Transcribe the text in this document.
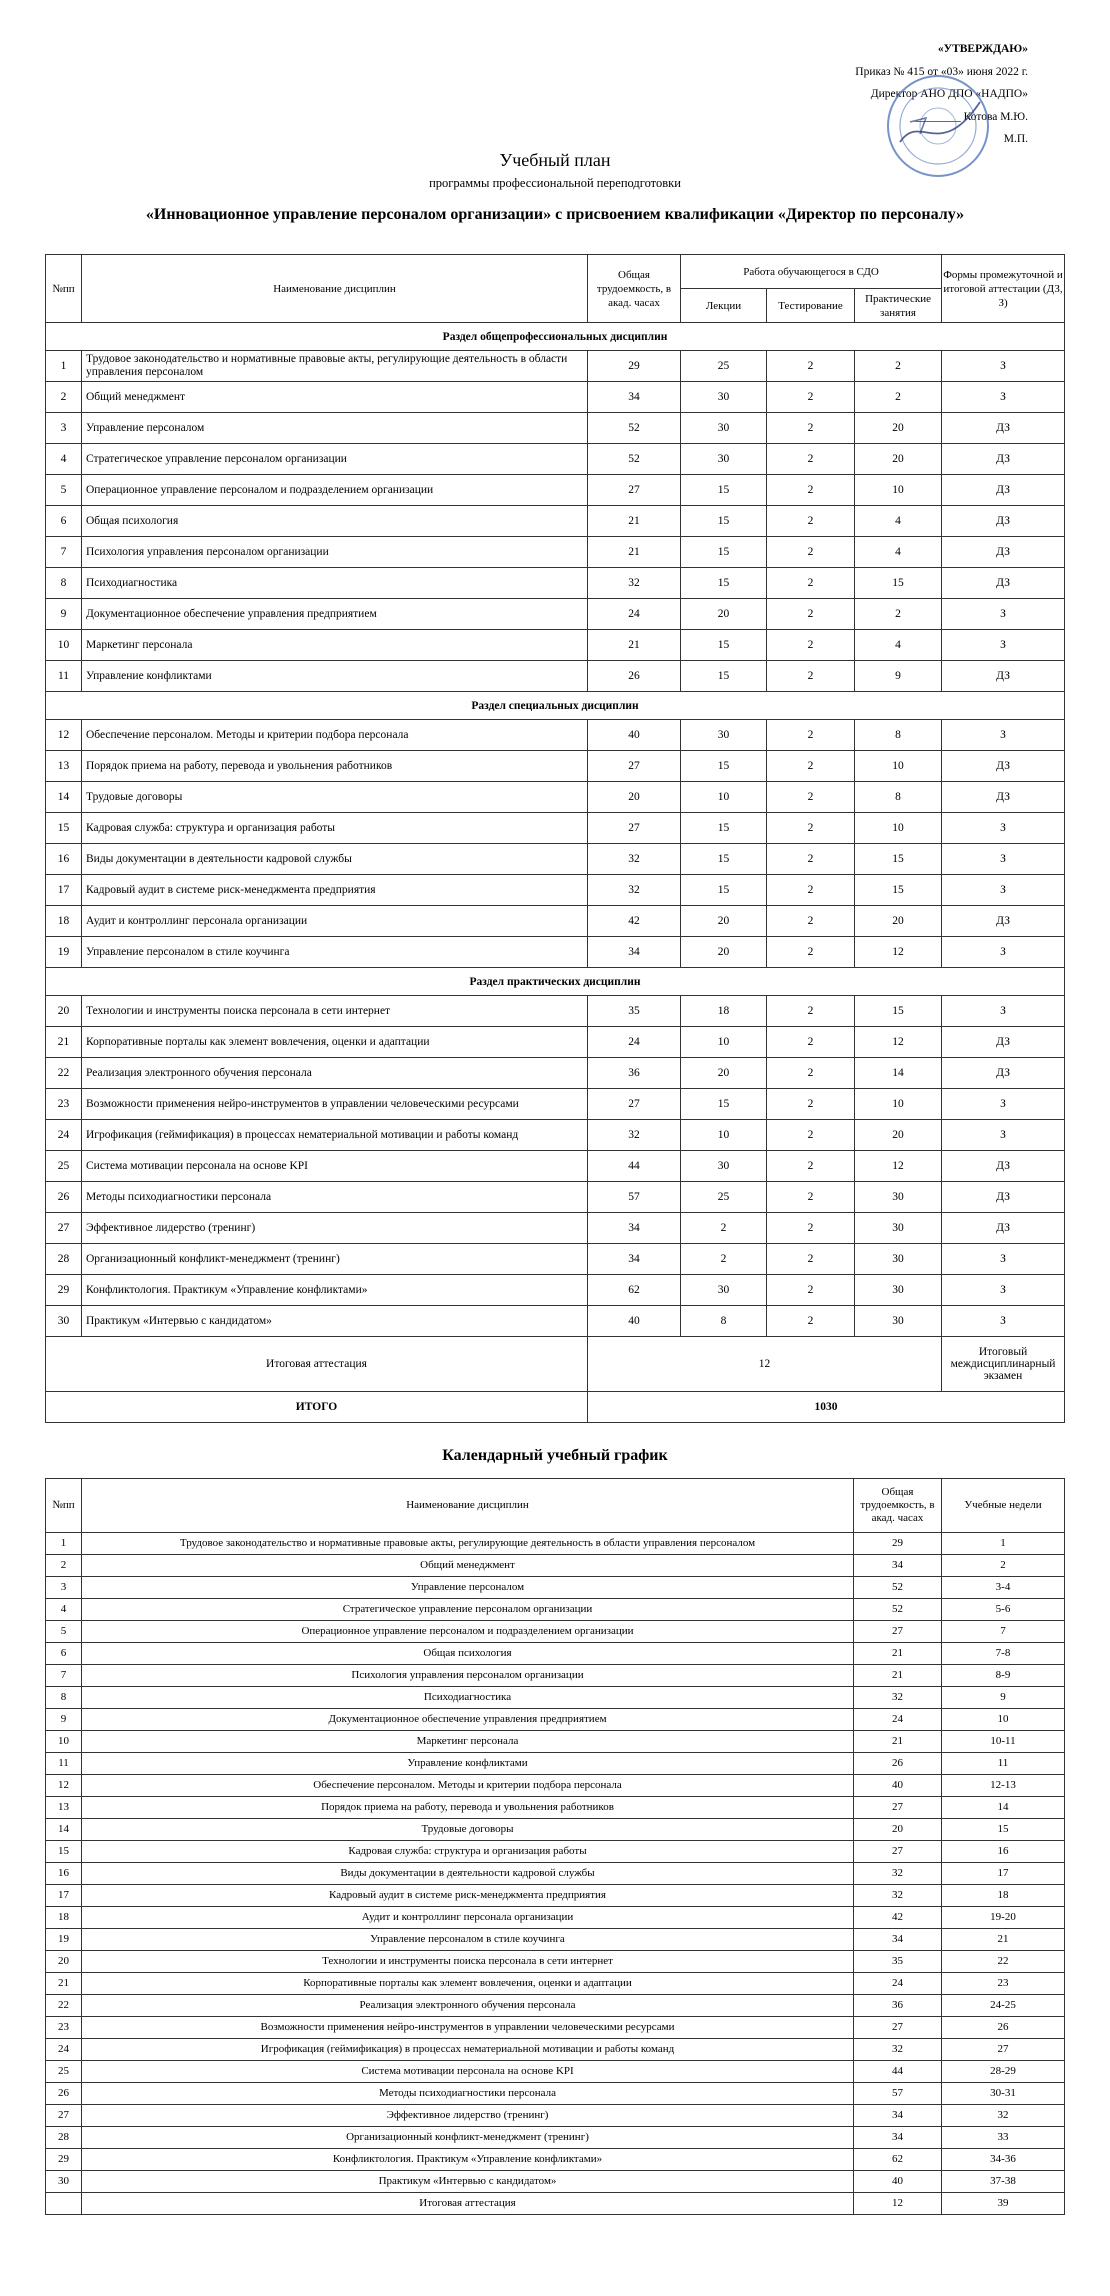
«УТВЕРЖДАЮ»
Приказ № 415 от «03» июня 2022 г.
Директор АНО ДПО «НАДПО»
________ Котова М.Ю.
М.П.
Учебный план
программы профессиональной переподготовки
«Инновационное управление персоналом организации» с присвоением квалификации «Директор по персоналу»
№пп	Наименование дисциплин	Общая трудоемкость, в акад. часах	Работа обучающегося в СДО			Формы промежуточной и итоговой аттестации (ДЗ, З)
			Лекции	Тестирование	Практические занятия	
Раздел общепрофессиональных дисциплин						
1	Трудовое законодательство и нормативные правовые акты, регулирующие деятельность в области управления персоналом	29	25	2	2	З
2	Общий менеджмент	34	30	2	2	З
3	Управление персоналом	52	30	2	20	ДЗ
4	Стратегическое управление персоналом организации	52	30	2	20	ДЗ
5	Операционное управление персоналом и подразделением организации	27	15	2	10	ДЗ
6	Общая психология	21	15	2	4	ДЗ
7	Психология управления персоналом организации	21	15	2	4	ДЗ
8	Психодиагностика	32	15	2	15	ДЗ
9	Документационное обеспечение управления предприятием	24	20	2	2	З
10	Маркетинг персонала	21	15	2	4	З
11	Управление конфликтами	26	15	2	9	ДЗ
Раздел специальных дисциплин						
12	Обеспечение персоналом. Методы и критерии подбора персонала	40	30	2	8	З
13	Порядок приема на работу, перевода и увольнения работников	27	15	2	10	ДЗ
14	Трудовые договоры	20	10	2	8	ДЗ
15	Кадровая служба: структура и организация работы	27	15	2	10	З
16	Виды документации в деятельности кадровой службы	32	15	2	15	З
17	Кадровый аудит в системе риск-менеджмента предприятия	32	15	2	15	З
18	Аудит и контроллинг персонала организации	42	20	2	20	ДЗ
19	Управление персоналом в стиле коучинга	34	20	2	12	З
Раздел практических дисциплин						
20	Технологии и инструменты поиска персонала в сети интернет	35	18	2	15	З
21	Корпоративные порталы как элемент вовлечения, оценки и адаптации	24	10	2	12	ДЗ
22	Реализация электронного обучения персонала	36	20	2	14	ДЗ
23	Возможности применения нейро-инструментов в управлении человеческими ресурсами	27	15	2	10	З
24	Игрофикация (геймификация) в процессах нематериальной мотивации и работы команд	32	10	2	20	З
25	Система мотивации персонала на основе KPI	44	30	2	12	ДЗ
26	Методы психодиагностики персонала	57	25	2	30	ДЗ
27	Эффективное лидерство (тренинг)	34	2	2	30	ДЗ
28	Организационный конфликт-менеджмент (тренинг)	34	2	2	30	З
29	Конфликтология. Практикум «Управление конфликтами»	62	30	2	30	З
30	Практикум «Интервью с кандидатом»	40	8	2	30	З
Итоговая аттестация		12				Итоговый междисциплинарный экзамен
ИТОГО		1030				
Календарный учебный график
№пп	Наименование дисциплин	Общая трудоемкость, в акад. часах	Учебные недели
1	Трудовое законодательство и нормативные правовые акты, регулирующие деятельность в области управления персоналом	29	1
2	Общий менеджмент	34	2
3	Управление персоналом	52	3-4
4	Стратегическое управление персоналом организации	52	5-6
5	Операционное управление персоналом и подразделением организации	27	7
6	Общая психология	21	7-8
7	Психология управления персоналом организации	21	8-9
8	Психодиагностика	32	9
9	Документационное обеспечение управления предприятием	24	10
10	Маркетинг персонала	21	10-11
11	Управление конфликтами	26	11
12	Обеспечение персоналом. Методы и критерии подбора персонала	40	12-13
13	Порядок приема на работу, перевода и увольнения работников	27	14
14	Трудовые договоры	20	15
15	Кадровая служба: структура и организация работы	27	16
16	Виды документации в деятельности кадровой службы	32	17
17	Кадровый аудит в системе риск-менеджмента предприятия	32	18
18	Аудит и контроллинг персонала организации	42	19-20
19	Управление персоналом в стиле коучинга	34	21
20	Технологии и инструменты поиска персонала в сети интернет	35	22
21	Корпоративные порталы как элемент вовлечения, оценки и адаптации	24	23
22	Реализация электронного обучения персонала	36	24-25
23	Возможности применения нейро-инструментов в управлении человеческими ресурсами	27	26
24	Игрофикация (геймификация) в процессах нематериальной мотивации и работы команд	32	27
25	Система мотивации персонала на основе KPI	44	28-29
26	Методы психодиагностики персонала	57	30-31
27	Эффективное лидерство (тренинг)	34	32
28	Организационный конфликт-менеджмент (тренинг)	34	33
29	Конфликтология. Практикум «Управление конфликтами»	62	34-36
30	Практикум «Интервью с кандидатом»	40	37-38
	Итоговая аттестация	12	39
